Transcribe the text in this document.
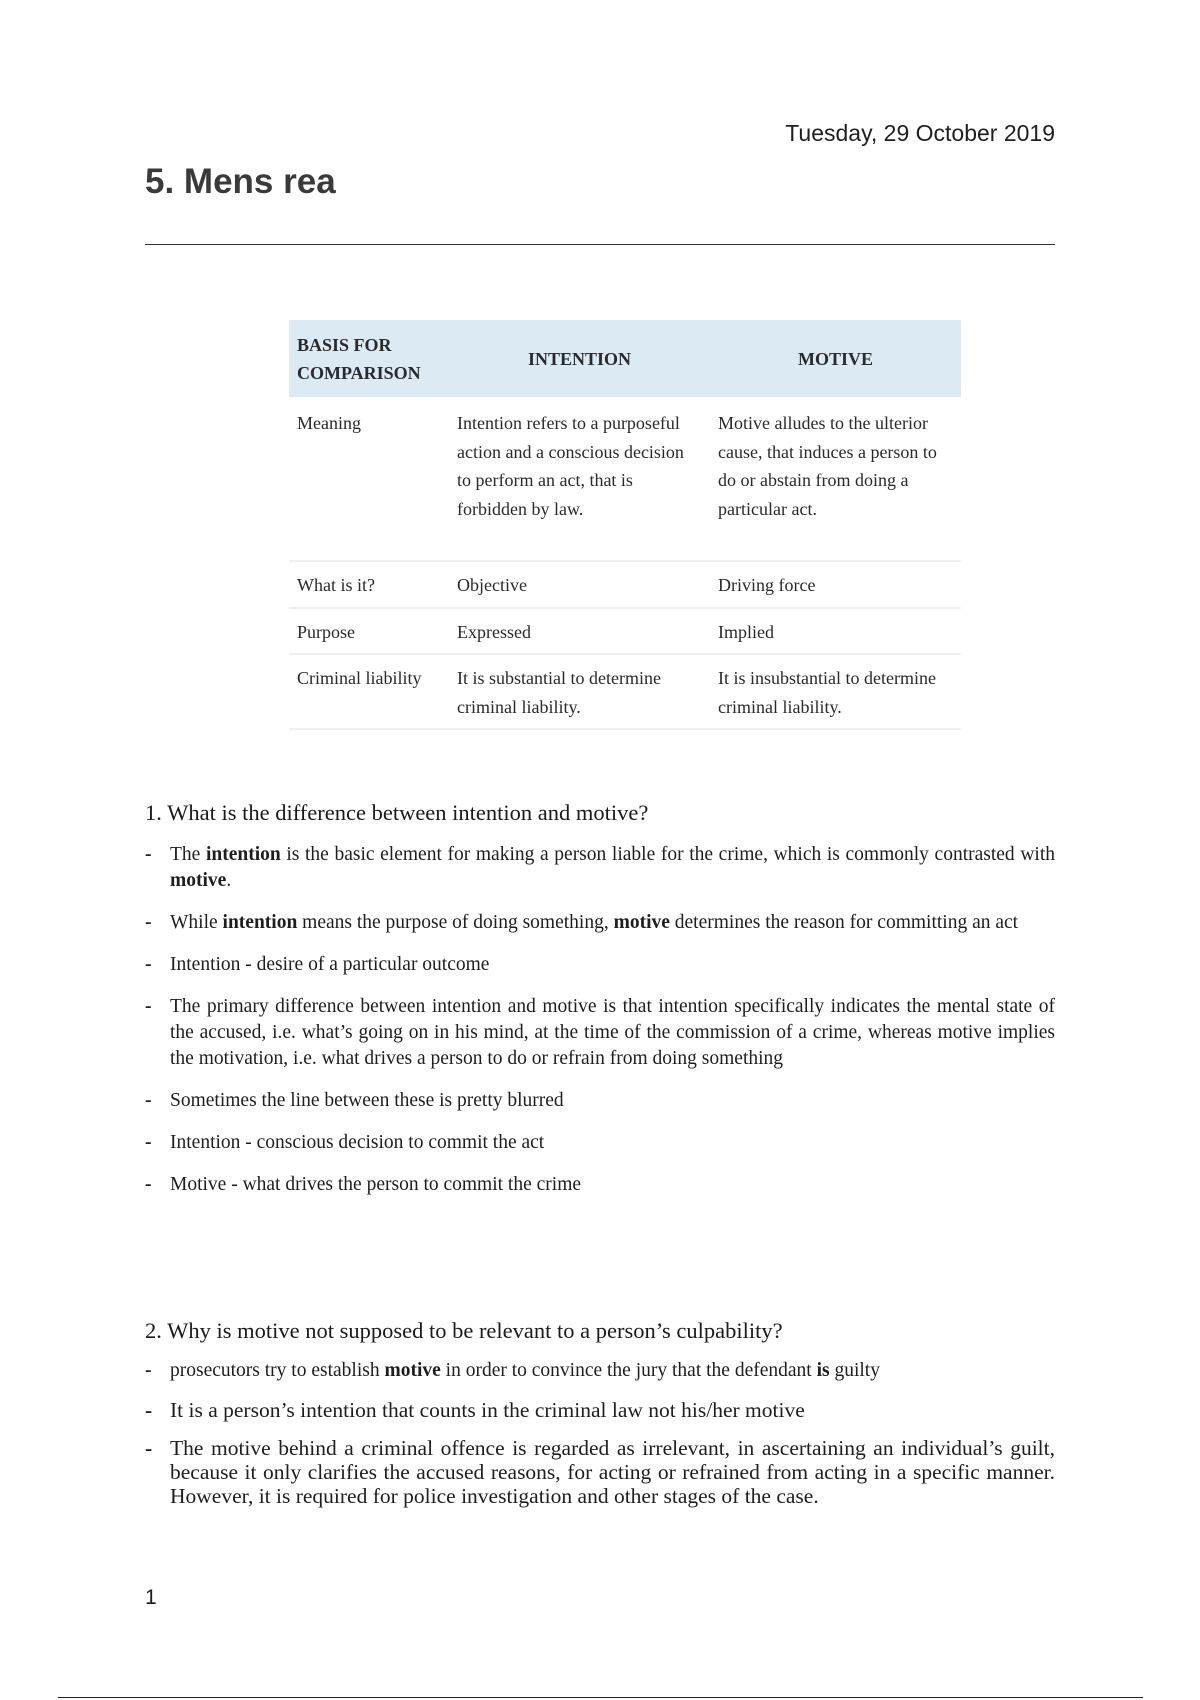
Tuesday, 29 October 2019
5. Mens rea
BASIS FOR COMPARISON	INTENTION	MOTIVE
Meaning	Intention refers to a purposeful action and a conscious decision to perform an act, that is forbidden by law.	Motive alludes to the ulterior cause, that induces a person to do or abstain from doing a particular act.
What is it?	Objective	Driving force
Purpose	Expressed	Implied
Criminal liability	It is substantial to determine criminal liability.	It is insubstantial to determine criminal liability.

1. What is the difference between intention and motive?

- The intention is the basic element for making a person liable for the crime, which is commonly contrasted with motive.
- While intention means the purpose of doing something, motive determines the reason for committing an act
- Intention - desire of a particular outcome
- The primary difference between intention and motive is that intention specifically indicates the mental state of the accused, i.e. what’s going on in his mind, at the time of the commission of a crime, whereas motive implies the motivation, i.e. what drives a person to do or refrain from doing something
- Sometimes the line between these is pretty blurred
- Intention - conscious decision to commit the act
- Motive - what drives the person to commit the crime

2. Why is motive not supposed to be relevant to a person’s culpability?

- prosecutors try to establish motive in order to convince the jury that the defendant is guilty
- It is a person’s intention that counts in the criminal law not his/her motive
- The motive behind a criminal offence is regarded as irrelevant, in ascertaining an individual’s guilt, because it only clarifies the accused reasons, for acting or refrained from acting in a specific manner. However, it is required for police investigation and other stages of the case.
1
